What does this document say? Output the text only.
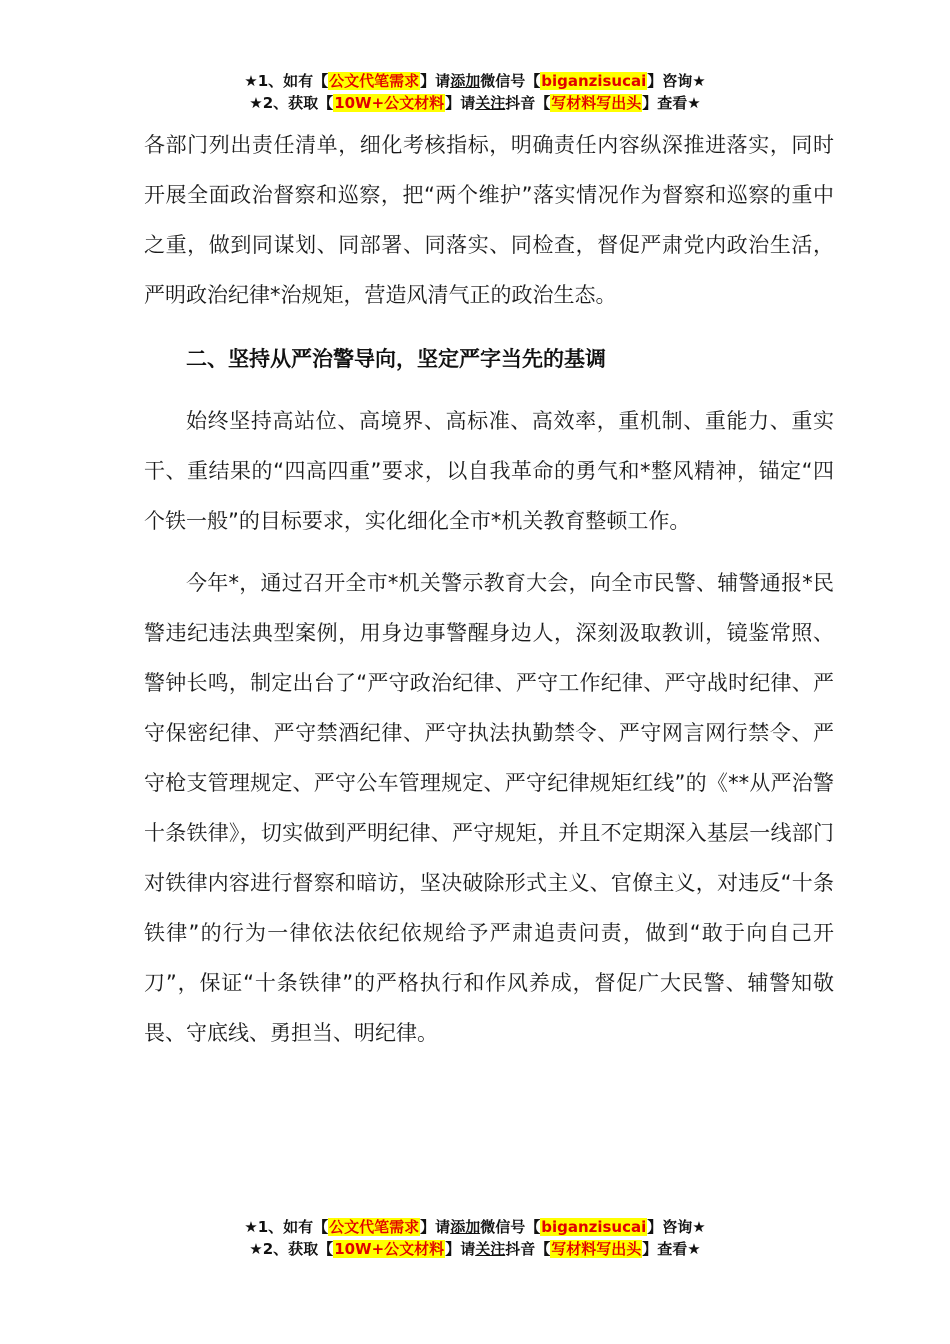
★1、如有【公文代笔需求】请添加微信号【biganzisucai】咨询★
★2、获取【10W+公文材料】请关注抖音【写材料写出头】查看★

各部门列出责任清单，细化考核指标，明确责任内容纵深推进落实，同时开展全面政治督察和巡察，把“两个维护”落实情况作为督察和巡察的重中之重，做到同谋划、同部署、同落实、同检查，督促严肃党内政治生活，严明政治纪律*治规矩，营造风清气正的政治生态。

二、坚持从严治警导向，坚定严字当先的基调

始终坚持高站位、高境界、高标准、高效率，重机制、重能力、重实干、重结果的“四高四重”要求，以自我革命的勇气和*整风精神，锚定“四个铁一般”的目标要求，实化细化全市*机关教育整顿工作。

今年*，通过召开全市*机关警示教育大会，向全市民警、辅警通报*民警违纪违法典型案例，用身边事警醒身边人，深刻汲取教训，镜鉴常照、警钟长鸣，制定出台了“严守政治纪律、严守工作纪律、严守战时纪律、严守保密纪律、严守禁酒纪律、严守执法执勤禁令、严守网言网行禁令、严守枪支管理规定、严守公车管理规定、严守纪律规矩红线”的《**从严治警十条铁律》，切实做到严明纪律、严守规矩，并且不定期深入基层一线部门对铁律内容进行督察和暗访，坚决破除形式主义、官僚主义，对违反“十条铁律”的行为一律依法依纪依规给予严肃追责问责，做到“敢于向自己开刀”，保证“十条铁律”的严格执行和作风养成，督促广大民警、辅警知敬畏、守底线、勇担当、明纪律。

★1、如有【公文代笔需求】请添加微信号【biganzisucai】咨询★
★2、获取【10W+公文材料】请关注抖音【写材料写出头】查看★
